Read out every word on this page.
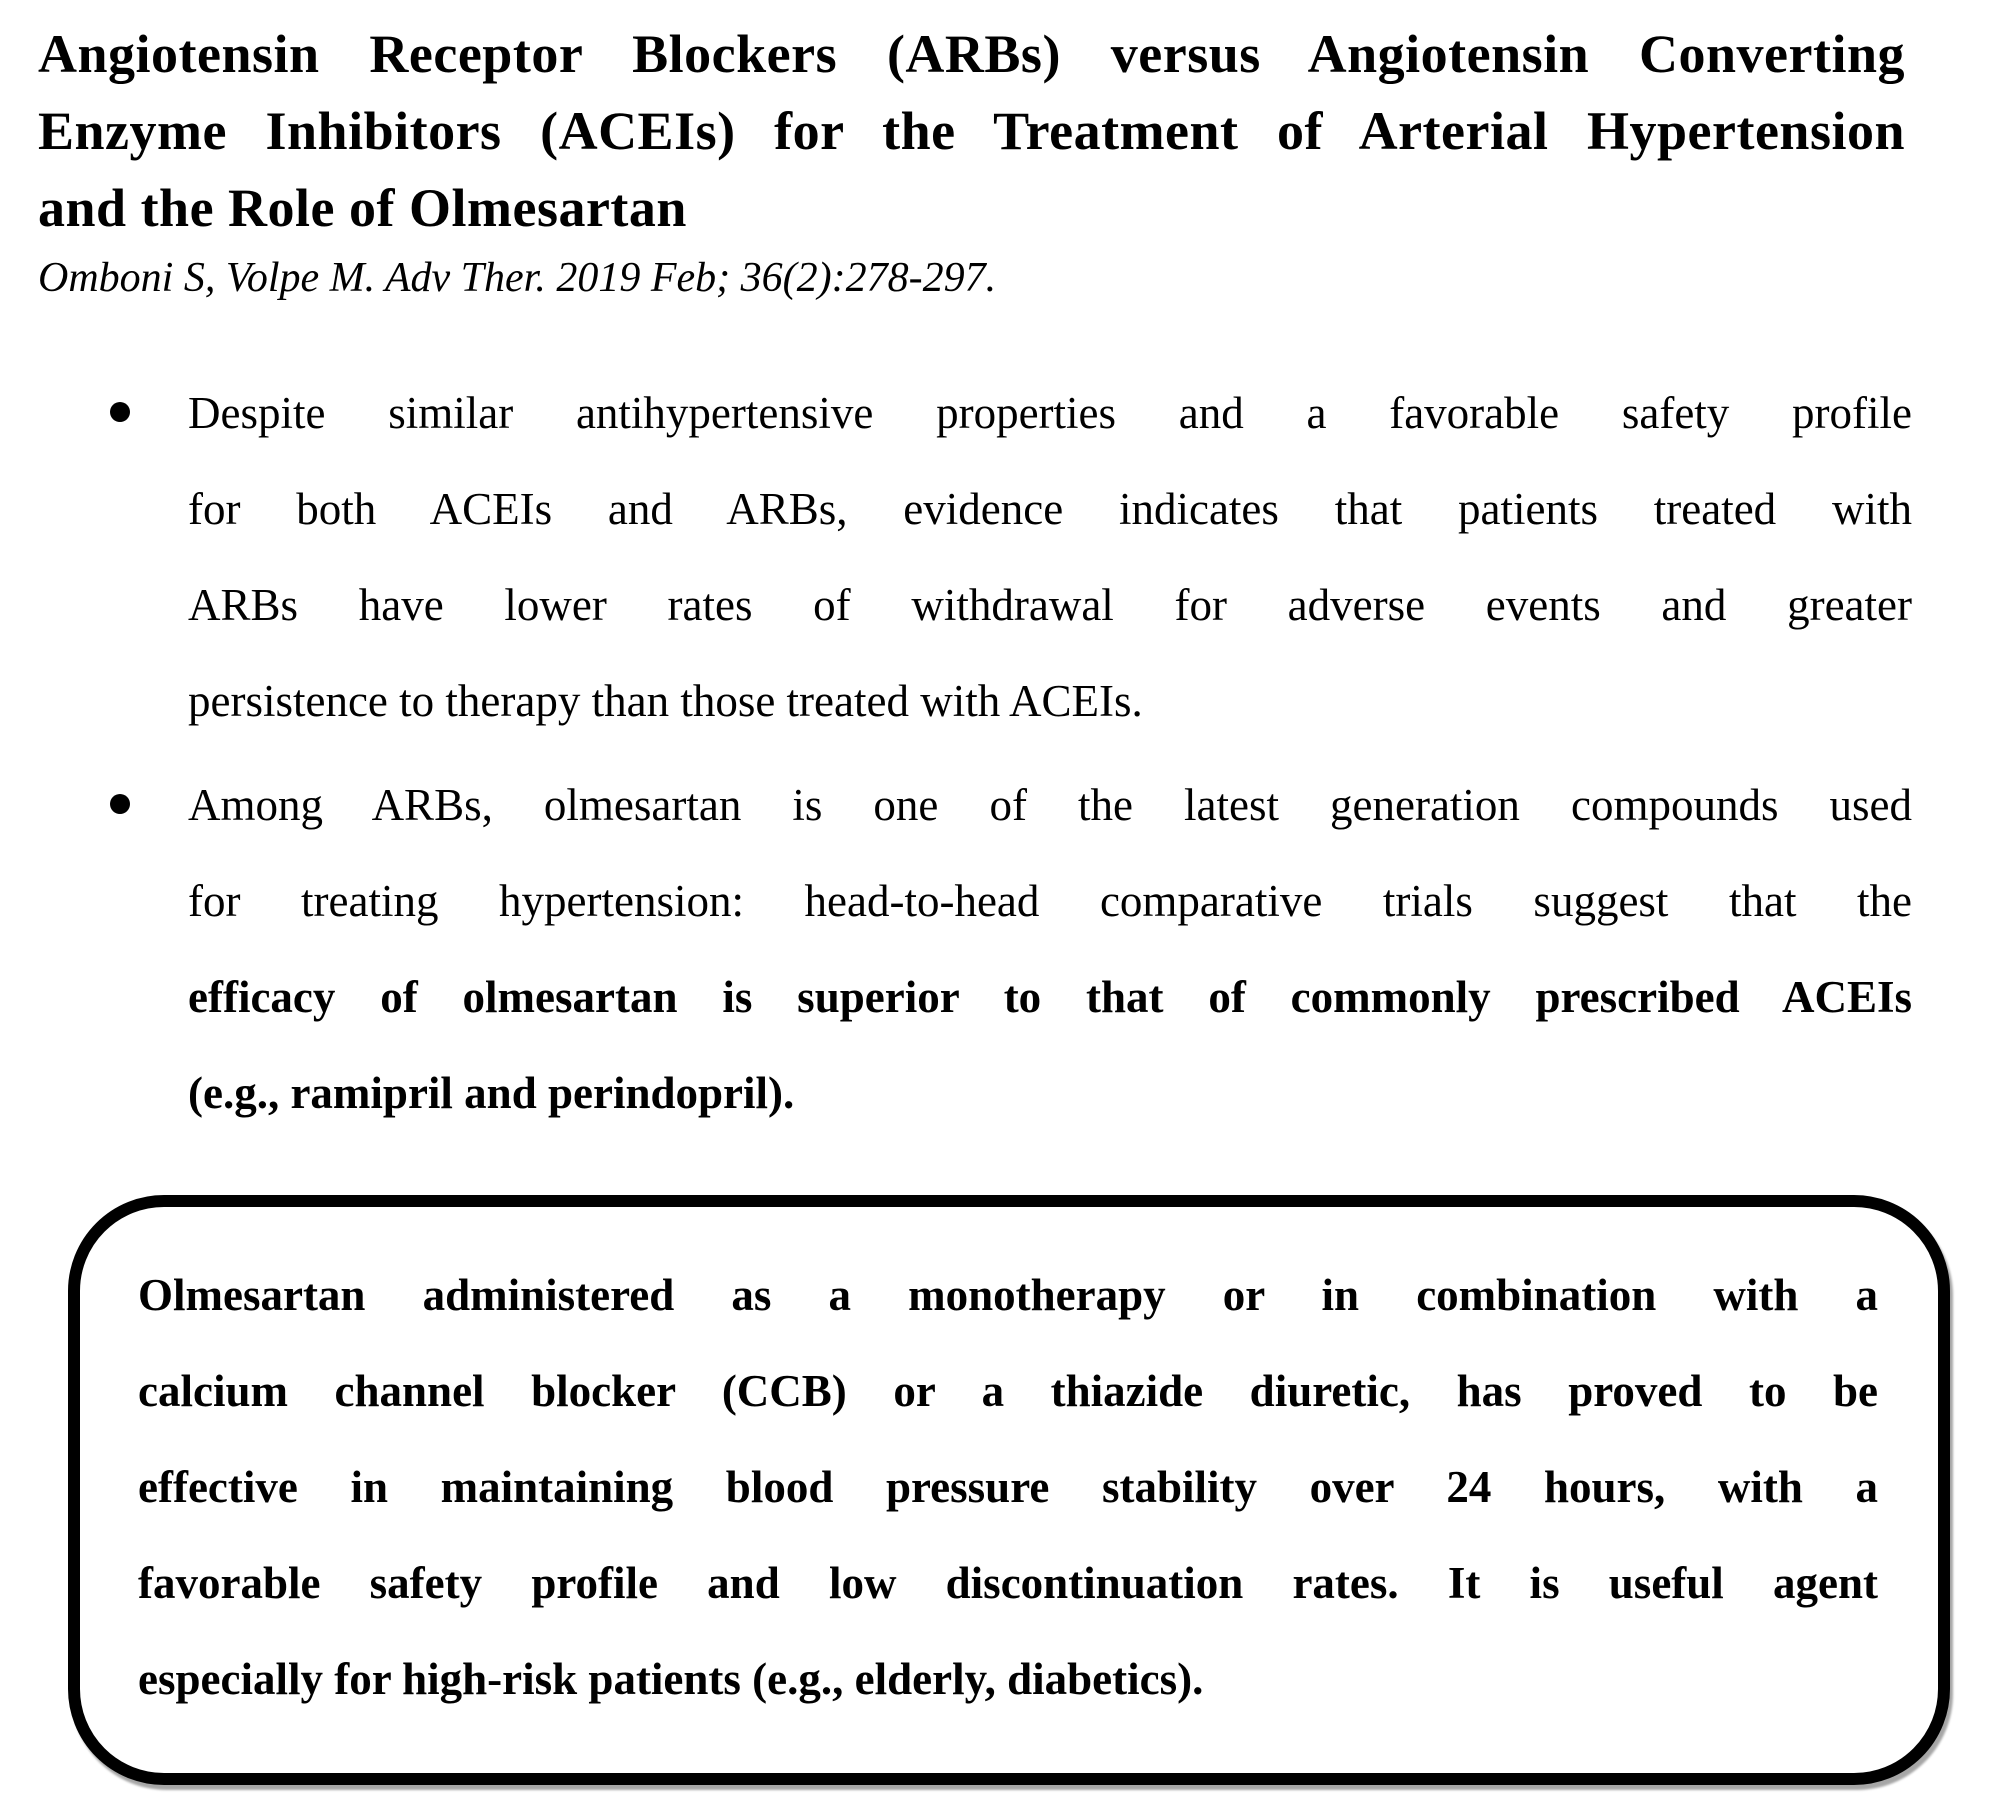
Angiotensin Receptor Blockers (ARBs) versus Angiotensin Converting
Enzyme Inhibitors (ACEIs) for the Treatment of Arterial Hypertension
and the Role of Olmesartan

Omboni S, Volpe M. Adv Ther. 2019 Feb; 36(2):278-297.

Despite similar antihypertensive properties and a favorable safety profile
for both ACEIs and ARBs, evidence indicates that patients treated with
ARBs have lower rates of withdrawal for adverse events and greater
persistence to therapy than those treated with ACEIs.
Among ARBs, olmesartan is one of the latest generation compounds used
for treating hypertension: head-to-head comparative trials suggest that the
efficacy of olmesartan is superior to that of commonly prescribed ACEIs
(e.g., ramipril and perindopril).
Olmesartan administered as a monotherapy or in combination with a
calcium channel blocker (CCB) or a thiazide diuretic, has proved to be
effective in maintaining blood pressure stability over 24 hours, with a
favorable safety profile and low discontinuation rates. It is useful agent
especially for high-risk patients (e.g., elderly, diabetics).
